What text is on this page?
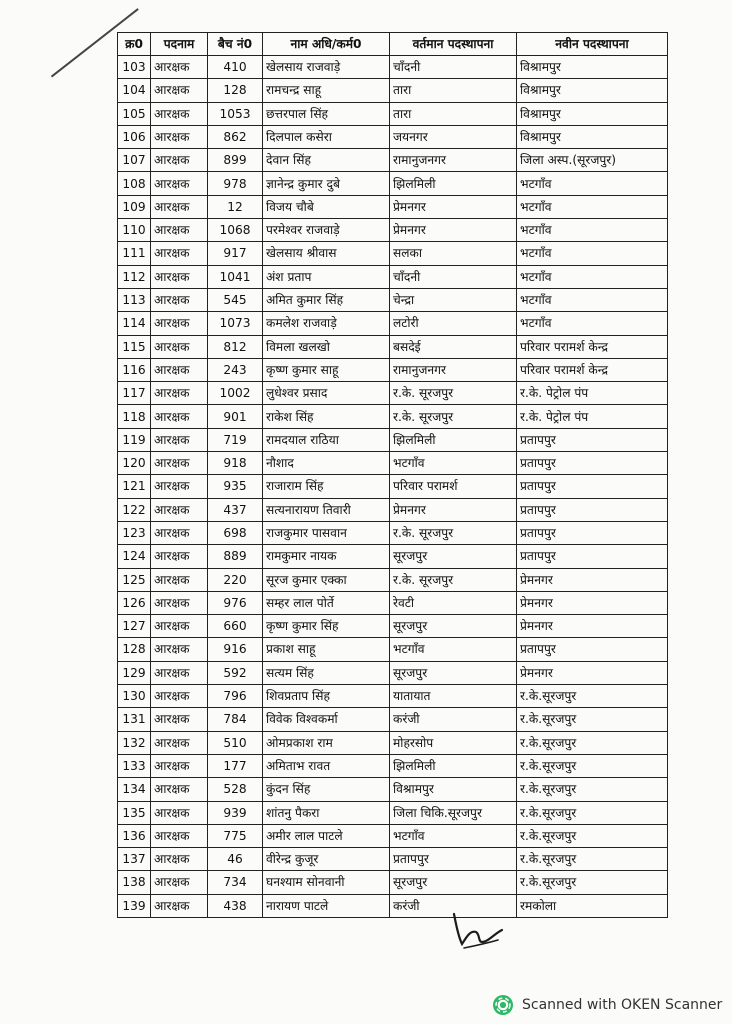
क्र0	पदनाम	बैच नं0	नाम अधि/कर्म0	वर्तमान पदस्थापना	नवीन पदस्थापना
103	आरक्षक	410	खेलसाय राजवाड़े	चाँदनी	विश्रामपुर
104	आरक्षक	128	रामचन्द्र साहू	तारा	विश्रामपुर
105	आरक्षक	1053	छत्तरपाल सिंह	तारा	विश्रामपुर
106	आरक्षक	862	दिलपाल कसेरा	जयनगर	विश्रामपुर
107	आरक्षक	899	देवान सिंह	रामानुजनगर	जिला अस्प.(सूरजपुर)
108	आरक्षक	978	ज्ञानेन्द्र कुमार दुबे	झिलमिली	भटगाँव
109	आरक्षक	12	विजय चौबे	प्रेमनगर	भटगाँव
110	आरक्षक	1068	परमेश्वर राजवाड़े	प्रेमनगर	भटगाँव
111	आरक्षक	917	खेलसाय श्रीवास	सलका	भटगाँव
112	आरक्षक	1041	अंश प्रताप	चाँदनी	भटगाँव
113	आरक्षक	545	अमित कुमार सिंह	चेन्द्रा	भटगाँव
114	आरक्षक	1073	कमलेश राजवाड़े	लटोरी	भटगाँव
115	आरक्षक	812	विमला खलखो	बसदेई	परिवार परामर्श केन्द्र
116	आरक्षक	243	कृष्ण कुमार साहू	रामानुजनगर	परिवार परामर्श केन्द्र
117	आरक्षक	1002	लुधेश्वर प्रसाद	र.के. सूरजपुर	र.के. पेट्रोल पंप
118	आरक्षक	901	राकेश सिंह	र.के. सूरजपुर	र.के. पेट्रोल पंप
119	आरक्षक	719	रामदयाल राठिया	झिलमिली	प्रतापपुर
120	आरक्षक	918	नौशाद	भटगाँव	प्रतापपुर
121	आरक्षक	935	राजाराम सिंह	परिवार परामर्श	प्रतापपुर
122	आरक्षक	437	सत्यनारायण तिवारी	प्रेमनगर	प्रतापपुर
123	आरक्षक	698	राजकुमार पासवान	र.के. सूरजपुर	प्रतापपुर
124	आरक्षक	889	रामकुमार नायक	सूरजपुर	प्रतापपुर
125	आरक्षक	220	सूरज कुमार एक्का	र.के. सूरजपुर	प्रेमनगर
126	आरक्षक	976	सम्हर लाल पोर्ते	रेवटी	प्रेमनगर
127	आरक्षक	660	कृष्ण कुमार सिंह	सूरजपुर	प्रेमनगर
128	आरक्षक	916	प्रकाश साहू	भटगाँव	प्रतापपुर
129	आरक्षक	592	सत्यम सिंह	सूरजपुर	प्रेमनगर
130	आरक्षक	796	शिवप्रताप सिंह	यातायात	र.के.सूरजपुर
131	आरक्षक	784	विवेक विश्वकर्मा	करंजी	र.के.सूरजपुर
132	आरक्षक	510	ओमप्रकाश राम	मोहरसोप	र.के.सूरजपुर
133	आरक्षक	177	अमिताभ रावत	झिलमिली	र.के.सूरजपुर
134	आरक्षक	528	कुंदन सिंह	विश्रामपुर	र.के.सूरजपुर
135	आरक्षक	939	शांतनु पैकरा	जिला चिकि.सूरजपुर	र.के.सूरजपुर
136	आरक्षक	775	अमीर लाल पाटले	भटगाँव	र.के.सूरजपुर
137	आरक्षक	46	वीरेन्द्र कुजूर	प्रतापपुर	र.के.सूरजपुर
138	आरक्षक	734	घनश्याम सोनवानी	सूरजपुर	र.के.सूरजपुर
139	आरक्षक	438	नारायण पाटले	करंजी	रमकोला
Scanned with OKEN Scanner
